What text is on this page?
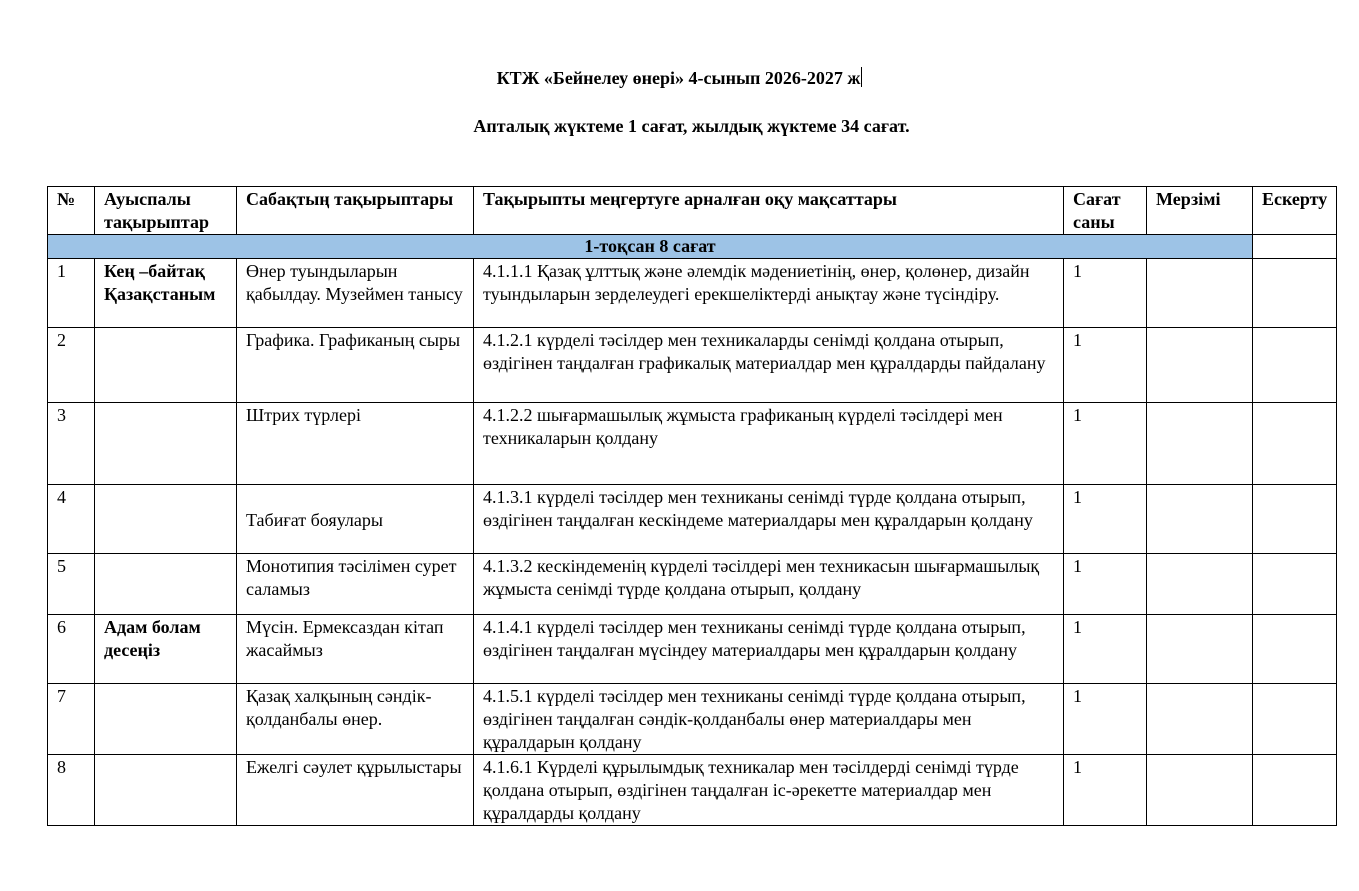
КТЖ «Бейнелеу өнері» 4-сынып 2026-2027 ж
Апталық жүктеме 1 сағат, жылдық жүктеме 34 сағат.
№	Ауыспалы тақырыптар	Сабақтың тақырыптары	Тақырыпты меңгертуге арналған оқу мақсаттары	Сағат саны	Мерзімі	Ескерту
1-тоқсан 8 сағат						
1	Кең –байтақ Қазақстаным	Өнер туындыларын қабылдау. Музеймен танысу	4.1.1.1 Қазақ ұлттық және әлемдік мәдениетінің, өнер, қолөнер, дизайн туындыларын зерделеудегі ерекшеліктерді анықтау және түсіндіру.	1		
2		Графика. Графиканың сыры	4.1.2.1 күрделі тәсілдер мен техникаларды сенімді қолдана отырып, өздігінен таңдалған графикалық материалдар мен құралдарды пайдалану	1		
3		Штрих түрлері	4.1.2.2 шығармашылық жұмыста графиканың күрделі тәсілдері мен техникаларын қолдану	1		
4		Табиғат бояулары	4.1.3.1 күрделі тәсілдер мен техниканы сенімді түрде қолдана отырып, өздігінен таңдалған кескіндеме материалдары мен құралдарын қолдану	1		
5		Монотипия тәсілімен сурет саламыз	4.1.3.2 кескіндеменің күрделі тәсілдері мен техникасын шығармашылық жұмыста сенімді түрде қолдана отырып, қолдану	1		
6	Адам болам десеңіз	Мүсін. Ермексаздан кітап жасаймыз	4.1.4.1 күрделі тәсілдер мен техниканы сенімді түрде қолдана отырып, өздігінен таңдалған мүсіндеу материалдары мен құралдарын қолдану	1		
7		Қазақ халқының сәндік-қолданбалы өнер.	4.1.5.1 күрделі тәсілдер мен техниканы сенімді түрде қолдана отырып, өздігінен таңдалған сәндік-қолданбалы өнер материалдары мен құралдарын қолдану	1		
8		Ежелгі сәулет құрылыстары	4.1.6.1 Күрделі құрылымдық техникалар мен тәсілдерді сенімді түрде қолдана отырып, өздігінен таңдалған іс-әрекетте материалдар мен құралдарды қолдану	1		
